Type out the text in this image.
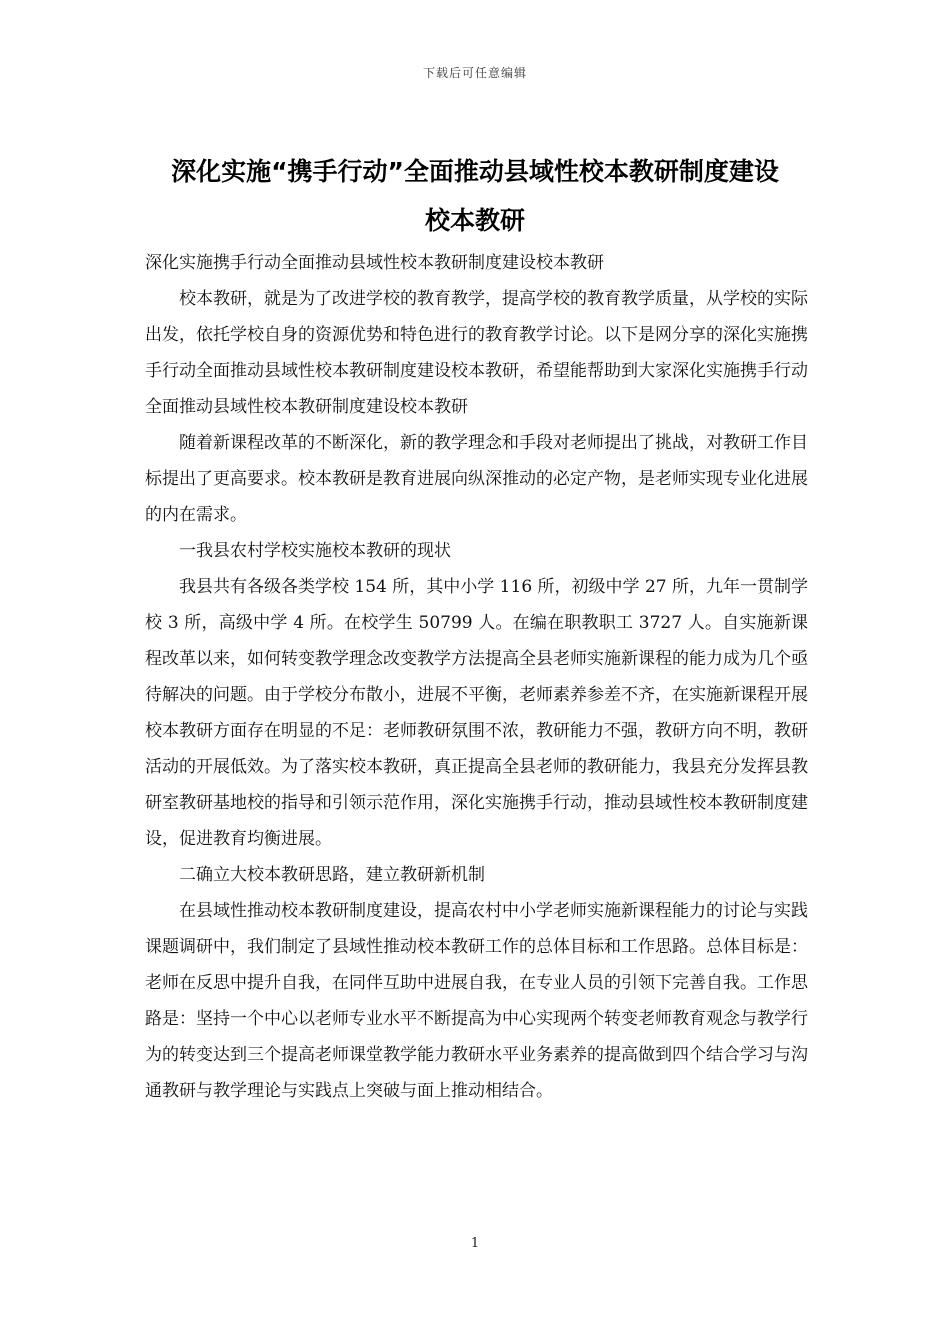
下载后可任意编辑
深化实施“携手行动”全面推动县域性校本教研制度建设
校本教研

深化实施携手行动全面推动县域性校本教研制度建设校本教研

校本教研，就是为了改进学校的教育教学，提高学校的教育教学质量，从学校的实际出发，依托学校自身的资源优势和特色进行的教育教学讨论。以下是网分享的深化实施携手行动全面推动县域性校本教研制度建设校本教研，希望能帮助到大家深化实施携手行动全面推动县域性校本教研制度建设校本教研

随着新课程改革的不断深化，新的教学理念和手段对老师提出了挑战，对教研工作目标提出了更高要求。校本教研是教育进展向纵深推动的必定产物，是老师实现专业化进展的内在需求。

一我县农村学校实施校本教研的现状

我县共有各级各类学校 154 所，其中小学 116 所，初级中学 27 所，九年一贯制学校 3 所，高级中学 4 所。在校学生 50799 人。在编在职教职工 3727 人。自实施新课程改革以来，如何转变教学理念改变教学方法提高全县老师实施新课程的能力成为几个亟待解决的问题。由于学校分布散小，进展不平衡，老师素养参差不齐，在实施新课程开展校本教研方面存在明显的不足：老师教研氛围不浓，教研能力不强，教研方向不明，教研活动的开展低效。为了落实校本教研，真正提高全县老师的教研能力，我县充分发挥县教研室教研基地校的指导和引领示范作用，深化实施携手行动，推动县域性校本教研制度建设，促进教育均衡进展。

二确立大校本教研思路，建立教研新机制

在县域性推动校本教研制度建设，提高农村中小学老师实施新课程能力的讨论与实践课题调研中，我们制定了县域性推动校本教研工作的总体目标和工作思路。总体目标是：老师在反思中提升自我，在同伴互助中进展自我，在专业人员的引领下完善自我。工作思路是：坚持一个中心以老师专业水平不断提高为中心实现两个转变老师教育观念与教学行为的转变达到三个提高老师课堂教学能力教研水平业务素养的提高做到四个结合学习与沟通教研与教学理论与实践点上突破与面上推动相结合。

1
